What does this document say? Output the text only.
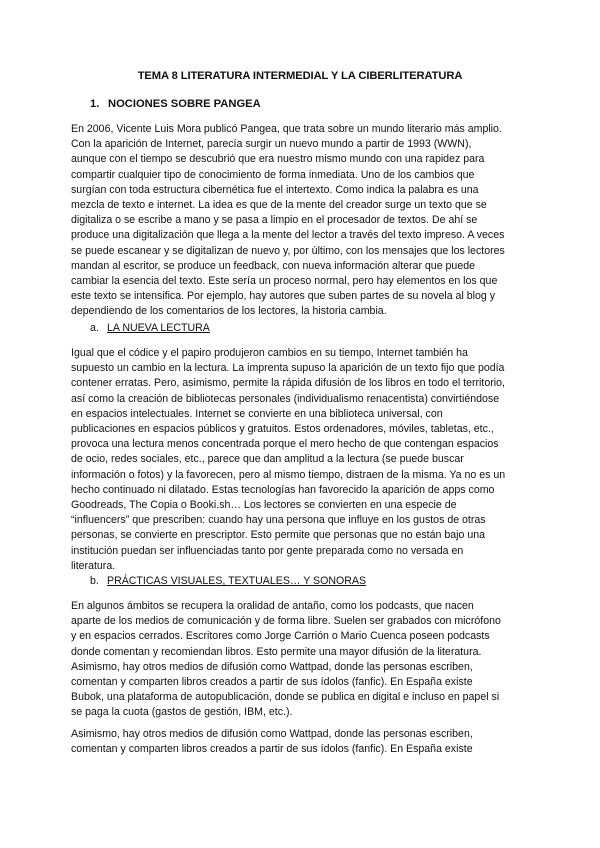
TEMA 8 LITERATURA INTERMEDIAL Y LA CIBERLITERATURA
1. NOCIONES SOBRE PANGEA

En 2006, Vicente Luis Mora publicó Pangea, que trata sobre un mundo literario más amplio.
Con la aparición de Internet, parecía surgir un nuevo mundo a partir de 1993 (WWN),
aunque con el tiempo se descubrió que era nuestro mismo mundo con una rapidez para
compartir cualquier tipo de conocimiento de forma inmediata. Uno de los cambios que
surgían con toda estructura cibernética fue el intertexto. Como indica la palabra es una
mezcla de texto e internet. La idea es que de la mente del creador surge un texto que se
digitaliza o se escribe a mano y se pasa a limpio en el procesador de textos. De ahí se
produce una digitalización que llega a la mente del lector a través del texto impreso. A veces
se puede escanear y se digitalizan de nuevo y, por último, con los mensajes que los lectores
mandan al escritor, se produce un feedback, con nueva información alterar que puede
cambiar la esencia del texto. Este sería un proceso normal, pero hay elementos en los que
este texto se intensifica. Por ejemplo, hay autores que suben partes de su novela al blog y
dependiendo de los comentarios de los lectores, la historia cambia.

a. LA NUEVA LECTURA

Igual que el códice y el papiro produjeron cambios en su tiempo, Internet también ha
supuesto un cambio en la lectura. La imprenta supuso la aparición de un texto fijo que podía
contener erratas. Pero, asimismo, permite la rápida difusión de los libros en todo el territorio,
así como la creación de bibliotecas personales (individualismo renacentista) convirtiéndose
en espacios intelectuales. Internet se convierte en una biblioteca universal, con
publicaciones en espacios públicos y gratuitos. Estos ordenadores, móviles, tabletas, etc.,
provoca una lectura menos concentrada porque el mero hecho de que contengan espacios
de ocio, redes sociales, etc., parece que dan amplitud a la lectura (se puede buscar
información o fotos) y la favorecen, pero al mismo tiempo, distraen de la misma. Ya no es un
hecho continuado ni dilatado. Estas tecnologías han favorecido la aparición de apps como
Goodreads, The Copia o Booki.sh… Los lectores se convierten en una especie de
“influencers” que prescriben: cuando hay una persona que influye en los gustos de otras
personas, se convierte en prescriptor. Esto permite que personas que no están bajo una
institución puedan ser influenciadas tanto por gente preparada como no versada en
literatura.

b. PRÁCTICAS VISUALES, TEXTUALES… Y SONORAS

En algunos ámbitos se recupera la oralidad de antaño, como los podcasts, que nacen
aparte de los medios de comunicación y de forma libre. Suelen ser grabados con micrófono
y en espacios cerrados. Escritores como Jorge Carrión o Mario Cuenca poseen podcasts
donde comentan y recomiendan libros. Esto permite una mayor difusión de la literatura.
Asimismo, hay otros medios de difusión como Wattpad, donde las personas escriben,
comentan y comparten libros creados a partir de sus ídolos (fanfic). En España existe
Bubok, una plataforma de autopublicación, donde se publica en digital e incluso en papel si
se paga la cuota (gastos de gestión, IBM, etc.).

Asimismo, hay otros medios de difusión como Wattpad, donde las personas escriben,
comentan y comparten libros creados a partir de sus ídolos (fanfic). En España existe
